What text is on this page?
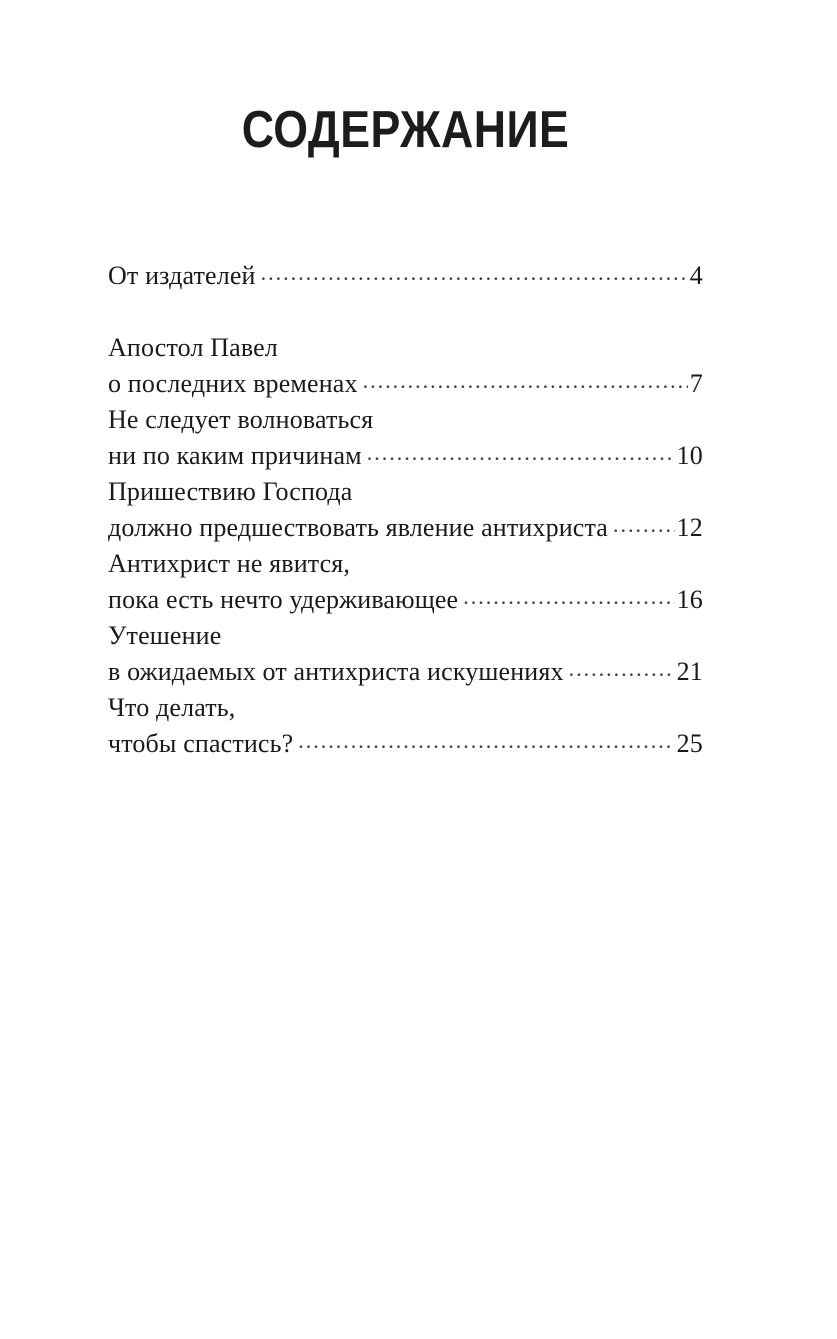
СОДЕРЖАНИЕ
От издателей .....	4
Апостол Павел
о последних временах .....	7
Не следует волноваться
ни по каким причинам .....	10
Пришествию Господа
должно предшествовать явление антихриста .....	12
Антихрист не явится,
пока есть нечто удерживающее .....	16
Утешение
в ожидаемых от антихриста искушениях .....	21
Что делать,
чтобы спастись? .....	25
